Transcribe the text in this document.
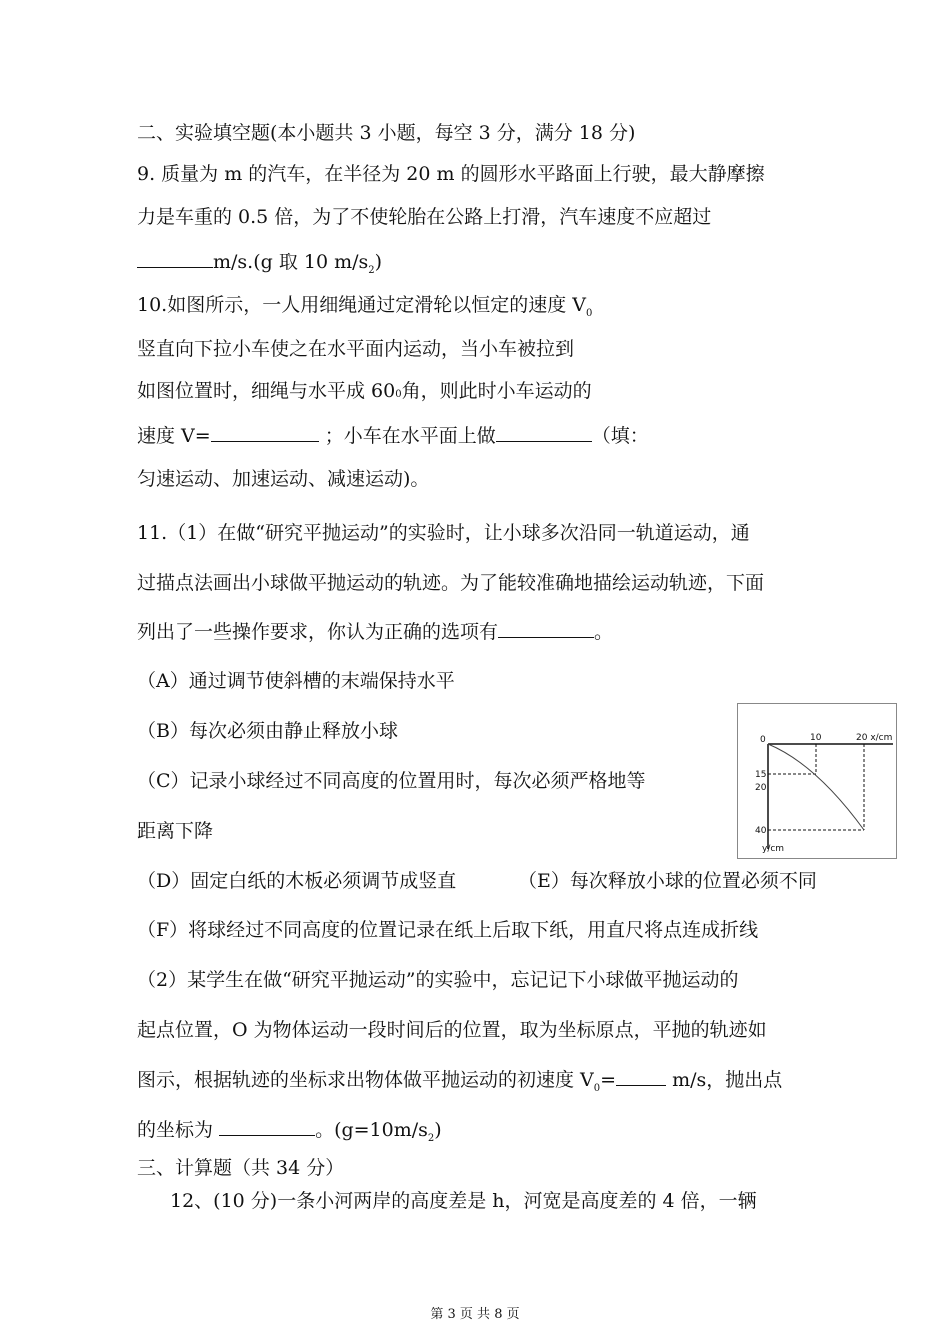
二、实验填空题(本小题共 3 小题，每空 3 分，满分 18 分)
9. 质量为 m 的汽车，在半径为 20 m 的圆形水平路面上行驶，最大静摩擦
力是车重的 0.5 倍，为了不使轮胎在公路上打滑，汽车速度不应超过
m/s.(g 取 10 $m/s_2$)
10.如图所示，一人用细绳通过定滑轮以恒定的速度 $V_0$
竖直向下拉小车使之在水平面内运动，当小车被拉到
如图位置时，细绳与水平成 600角，则此时小车运动的
速度 V=	；小车在水平面上做	（填：
匀速运动、加速运动、减速运动)。
11.（1）在做“研究平抛运动”的实验时，让小球多次沿同一轨道运动，通
过描点法画出小球做平抛运动的轨迹。为了能较准确地描绘运动轨迹，下面
列出了一些操作要求，你认为正确的选项有	。
（A）通过调节使斜槽的末端保持水平
（B）每次必须由静止释放小球
（C）记录小球经过不同高度的位置用时，每次必须严格地等
距离下降
（D）固定白纸的木板必须调节成竖直	（E）每次释放小球的位置必须不同
（F）将球经过不同高度的位置记录在纸上后取下纸，用直尺将点连成折线
（2）某学生在做“研究平抛运动”的实验中，忘记记下小球做平抛运动的
起点位置，O 为物体运动一段时间后的位置，取为坐标原点，平抛的轨迹如
图示，根据轨迹的坐标求出物体做平抛运动的初速度 $V_0=$	m/s，抛出点
的坐标为	。$(g=10m/s_2)$
三、计算题（共 34 分）
12、(10 分)一条小河两岸的高度差是 h，河宽是高度差的 4 倍，一辆
0	10	20 x/cm
15
20
40
y/cm
第 3 页 共 8 页
